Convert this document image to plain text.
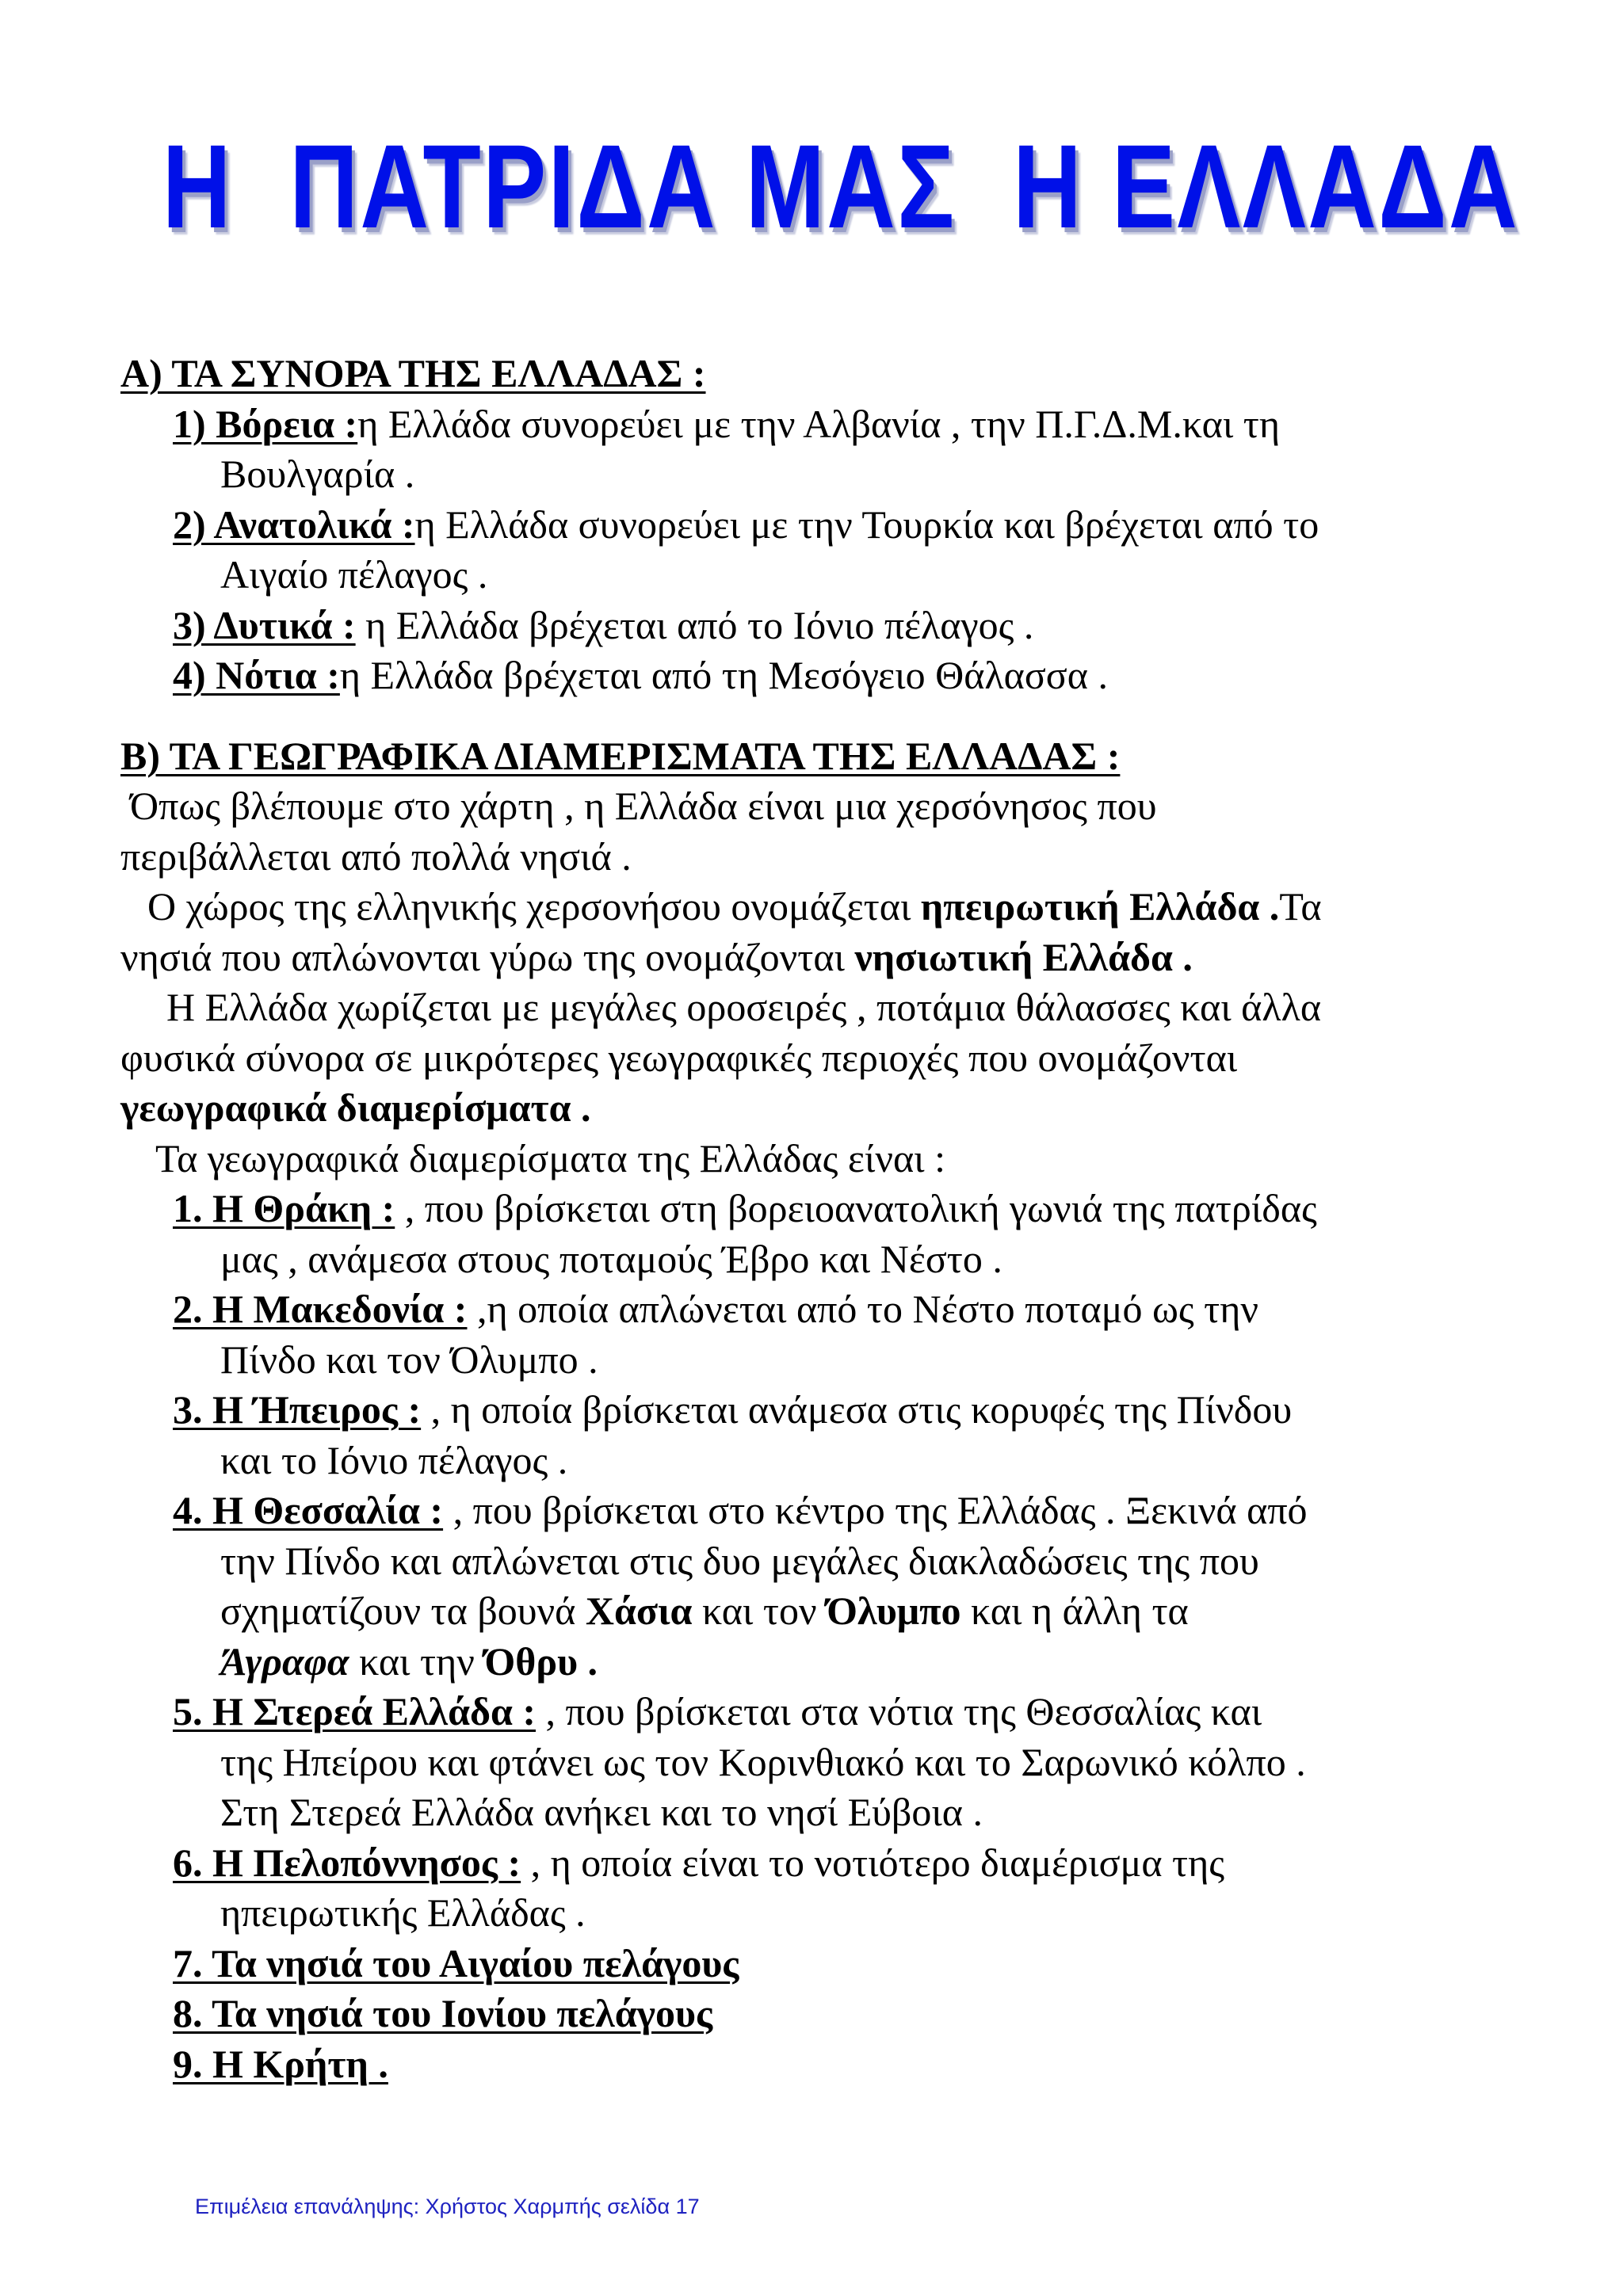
Η  ΠΑΤΡΙΔΑ ΜΑΣ  Η ΕΛΛΑΔΑ
Α) ΤΑ ΣΥΝΟΡΑ ΤΗΣ ΕΛΛΑΔΑΣ :
1) Βόρεια :η Ελλάδα συνορεύει με την Αλβανία , την Π.Γ.Δ.Μ.και τη
Βουλγαρία .
2) Ανατολικά :η Ελλάδα συνορεύει με την Τουρκία και βρέχεται από το
Αιγαίο πέλαγος .
3) Δυτικά : η Ελλάδα βρέχεται από το Ιόνιο πέλαγος .
4) Νότια :η Ελλάδα βρέχεται από τη Μεσόγειο Θάλασσα .
Β) ΤΑ ΓΕΩΓΡΑΦΙΚΑ ΔΙΑΜΕΡΙΣΜΑΤΑ ΤΗΣ ΕΛΛΑΔΑΣ :
Όπως βλέπουμε στο χάρτη , η Ελλάδα είναι μια χερσόνησος που
περιβάλλεται από πολλά νησιά .
Ο χώρος της ελληνικής χερσονήσου ονομάζεται ηπειρωτική Ελλάδα .Τα
νησιά που απλώνονται γύρω της ονομάζονται νησιωτική Ελλάδα .
Η Ελλάδα χωρίζεται με μεγάλες οροσειρές , ποτάμια θάλασσες και άλλα
φυσικά σύνορα σε μικρότερες γεωγραφικές περιοχές που ονομάζονται
γεωγραφικά διαμερίσματα .
Τα γεωγραφικά διαμερίσματα της Ελλάδας είναι :
1. Η Θράκη : , που βρίσκεται στη βορειοανατολική γωνιά της πατρίδας
μας , ανάμεσα στους ποταμούς Έβρο και Νέστο .
2. Η Μακεδονία : ,η οποία απλώνεται από το Νέστο ποταμό ως την
Πίνδο και τον Όλυμπο .
3. Η Ήπειρος : , η οποία βρίσκεται ανάμεσα στις κορυφές της Πίνδου
και το Ιόνιο πέλαγος .
4. Η Θεσσαλία : , που βρίσκεται στο κέντρο της Ελλάδας . Ξεκινά από
την Πίνδο και απλώνεται στις δυο μεγάλες διακλαδώσεις της που
σχηματίζουν τα βουνά Χάσια και τον Όλυμπο και η άλλη τα
Άγραφα και την Όθρυ .
5. Η Στερεά Ελλάδα : , που βρίσκεται στα νότια της Θεσσαλίας και
της Ηπείρου και φτάνει ως τον Κορινθιακό και το Σαρωνικό κόλπο .
Στη Στερεά Ελλάδα ανήκει και το νησί Εύβοια .
6. Η Πελοπόννησος : , η οποία είναι το νοτιότερο διαμέρισμα της
ηπειρωτικής Ελλάδας .
7. Τα νησιά του Αιγαίου πελάγους
8. Τα νησιά του Ιονίου πελάγους
9. Η Κρήτη .
Επιμέλεια επανάληψης: Χρήστος Χαρμπής σελίδα 17
